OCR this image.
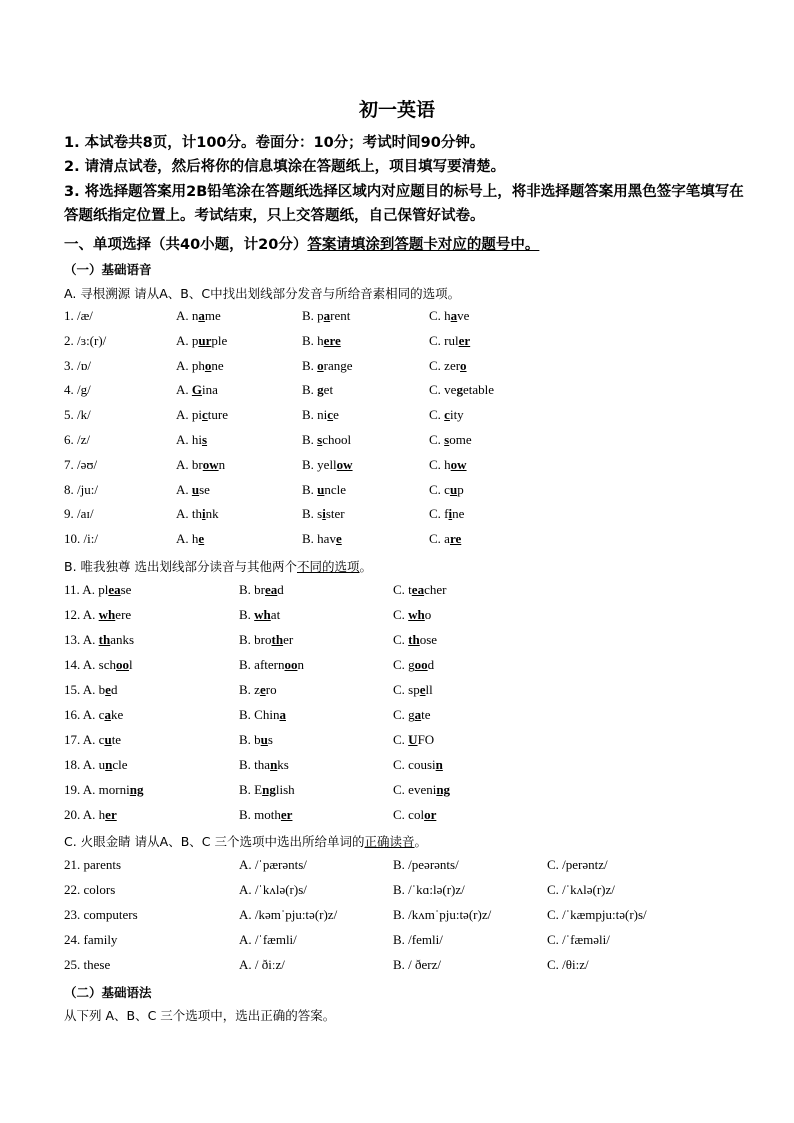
初一英语
1. 本试卷共8页，计100分。卷面分：10分；考试时间90分钟。
2. 请清点试卷，然后将你的信息填涂在答题纸上，项目填写要清楚。
3. 将选择题答案用2B铅笔涂在答题纸选择区域内对应题目的标号上，将非选择题答案用黑色签字笔填写在答题纸指定位置上。考试结束，只上交答题纸，自己保管好试卷。
一、单项选择（共40小题，计20分）答案请填涂到答题卡对应的题号中。
（一）基础语音
A. 寻根溯源 请从A、B、C中找出划线部分发音与所给音素相同的选项。
1. /æ/	A. name	B. parent	C. have
2. /ɜ:(r)/	A. purple	B. here	C. ruler
3. /ɒ/	A. phone	B. orange	C. zero
4. /g/	A. Gina	B. get	C. vegetable
5. /k/	A. picture	B. nice	C. city
6. /z/	A. his	B. school	C. some
7. /əʊ/	A. brown	B. yellow	C. how
8. /ju:/	A. use	B. uncle	C. cup
9. /aɪ/	A. think	B. sister	C. fine
10. /i:/	A. he	B. have	C. are
B. 唯我独尊 选出划线部分读音与其他两个不同的选项。
11. A. please	B. bread	C. teacher
12. A. where	B. what	C. who
13. A. thanks	B. brother	C. those
14. A. school	B. afternoon	C. good
15. A. bed	B. zero	C. spell
16. A. cake	B. China	C. gate
17. A. cute	B. bus	C. UFO
18. A. uncle	B. thanks	C. cousin
19. A. morning	B. English	C. evening
20. A. her	B. mother	C. color
C. 火眼金睛 请从A、B、C 三个选项中选出所给单词的正确读音。
21. parents	A. /ˈpærənts/	B. /peərənts/	C. /perəntz/
22. colors	A. /ˈkʌlə(r)s/	B. /ˈkɑ:lə(r)z/	C. /ˈkʌlə(r)z/
23. computers	A. /kəmˈpju:tə(r)z/	B. /kʌmˈpju:tə(r)z/	C. /ˈkæmpju:tə(r)s/
24. family	A. /ˈfæmli/	B. /femli/	C. /ˈfæməli/
25. these	A. / ðiːz/	B. / ðerz/	C. /θi:z/
（二）基础语法
从下列 A、B、C 三个选项中，选出正确的答案。
